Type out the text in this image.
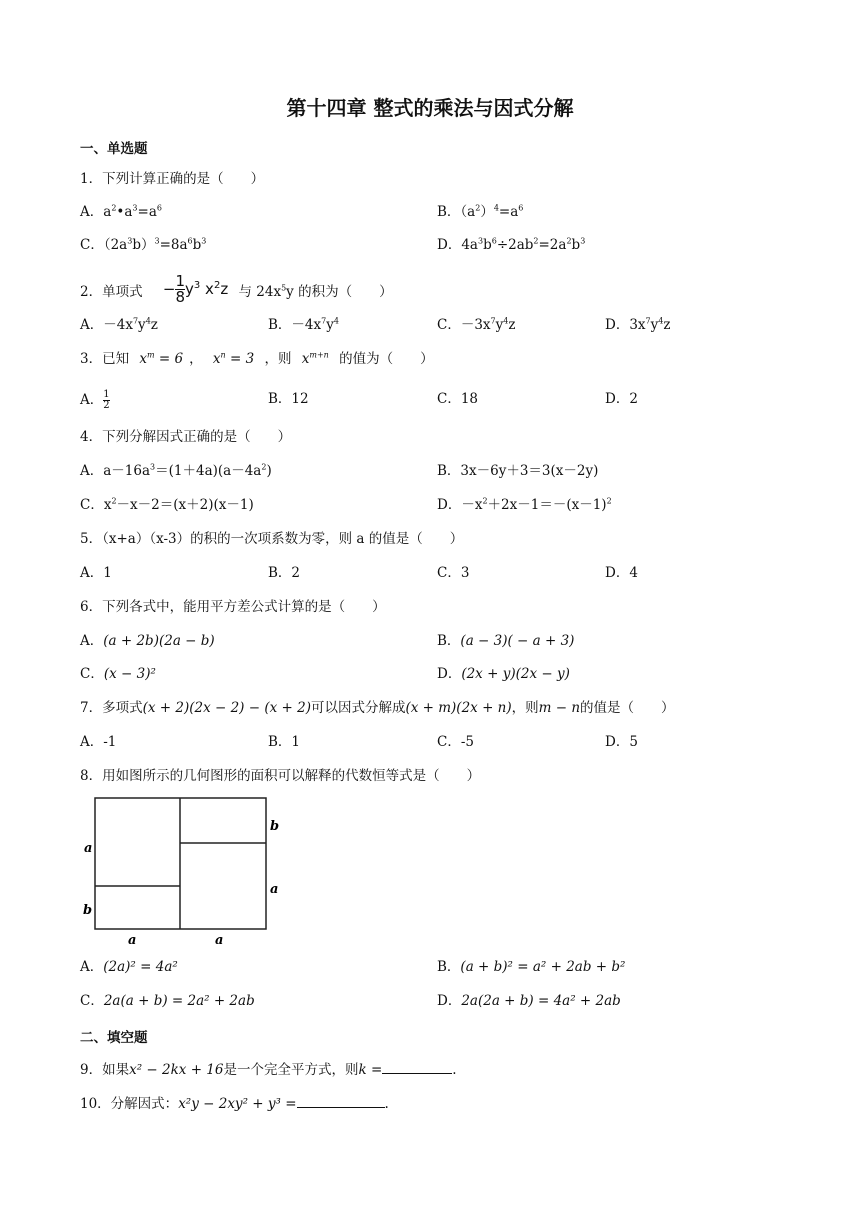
第十四章 整式的乘法与因式分解
一、单选题
1．下列计算正确的是（　　）
A．$a^2•a^3=a^6$	B．$(a^2)^4=a^6$
C．$(2a^3b)^3=8a^6b^3$	D．$4a^3b^6\div 2ab^2=2a^2b^3$
2．单项式 − $\frac{1}{8} y^3$ $x^2z$ 与 $24x^5y$ 的积为（　　）
A．$-4x^7y^4z$	B．$-4x^7y^4$	C．$-3x^7y^4z$	D．$3x^7y^4z$
3．已知 $x^m = 6$ ， $x^n = 3$ ，则 $x^{m+n}$ 的值为（　　）
A． $\frac{1}{2}$	B．12	C．18	D．2
4．下列分解因式正确的是（　　）
A．$a-16a^3=(1+4a)(a-4a^2)$	B．3x－6y＋3＝3(x－2y)
C．$x^2-x-2=(x+2)(x-1)$	D．$-x^2+2x-1=-(x-1)^2$
5．（x+a）（x-3）的积的一次项系数为零，则 a 的值是（　　）
A．1	B．2	C．3	D．4
6．下列各式中，能用平方差公式计算的是（　　）
A．(a + 2b)(2a − b)	B．(a − 3)( − a + 3)
C．(x − 3)²	D．(2x + y)(2x − y)
7．多项式(x + 2)(2x − 2) − (x + 2)可以因式分解成(x + m)(2x + n)，则m − n的值是（　　）
A．-1	B．1	C．-5	D．5
8．用如图所示的几何图形的面积可以解释的代数恒等式是（　　）
a
b
b
a
a	a
A．(2a)² = 4a²	B．(a + b)² = a² + 2ab + b²
C．2a(a + b) = 2a² + 2ab	D．2a(2a + b) = 4a² + 2ab
二、填空题
9．如果x² − 2kx + 16是一个完全平方式，则k =	.
10．分解因式：x²y − 2xy² + y³ =	.
